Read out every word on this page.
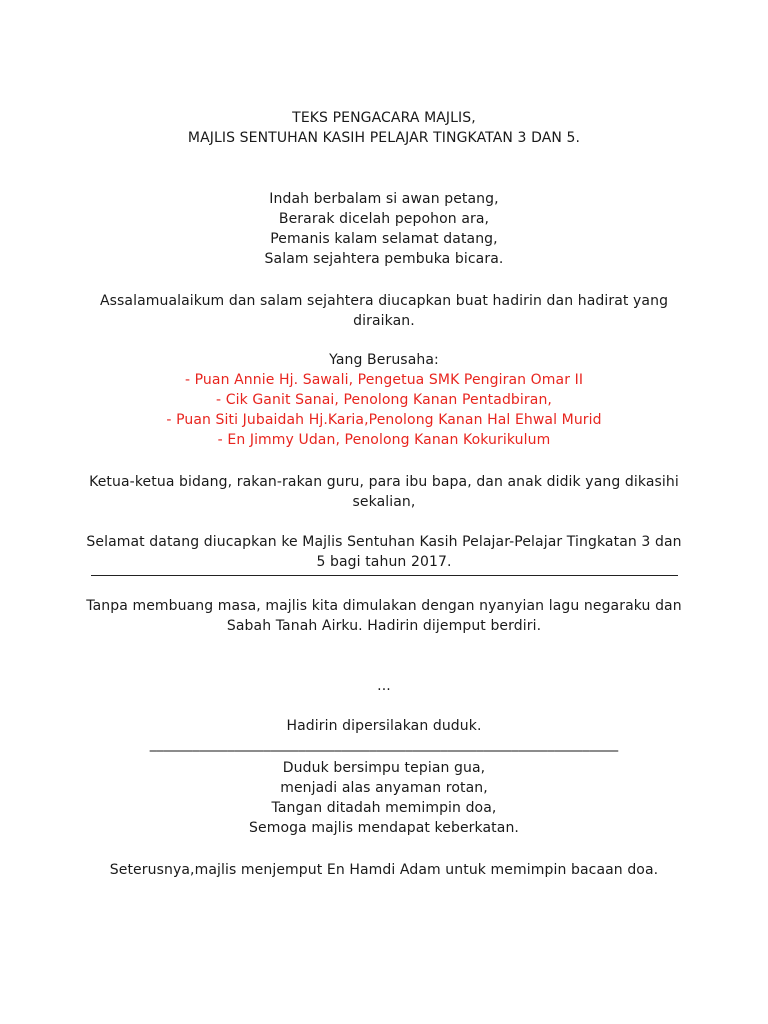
TEKS PENGACARA MAJLIS,
MAJLIS SENTUHAN KASIH PELAJAR TINGKATAN 3 DAN 5.
Indah berbalam si awan petang,
Berarak dicelah pepohon ara,
Pemanis kalam selamat datang,
Salam sejahtera pembuka bicara.
Assalamualaikum dan salam sejahtera diucapkan buat hadirin dan hadirat yang
diraikan.
Yang Berusaha:
- Puan Annie Hj. Sawali, Pengetua SMK Pengiran Omar II
- Cik Ganit Sanai, Penolong Kanan Pentadbiran,
- Puan Siti Jubaidah Hj.Karia,Penolong Kanan Hal Ehwal Murid
- En Jimmy Udan, Penolong Kanan Kokurikulum
Ketua-ketua bidang, rakan-rakan guru, para ibu bapa, dan anak didik yang dikasihi
sekalian,
Selamat datang diucapkan ke Majlis Sentuhan Kasih Pelajar-Pelajar Tingkatan 3 dan
5 bagi tahun 2017.
Tanpa membuang masa, majlis kita dimulakan dengan nyanyian lagu negaraku dan
Sabah Tanah Airku. Hadirin dijemput berdiri.
...
Hadirin dipersilakan duduk.
__________________________________________________________________
Duduk bersimpu tepian gua,
menjadi alas anyaman rotan,
Tangan ditadah memimpin doa,
Semoga majlis mendapat keberkatan.
Seterusnya,majlis menjemput En Hamdi Adam untuk memimpin bacaan doa.
